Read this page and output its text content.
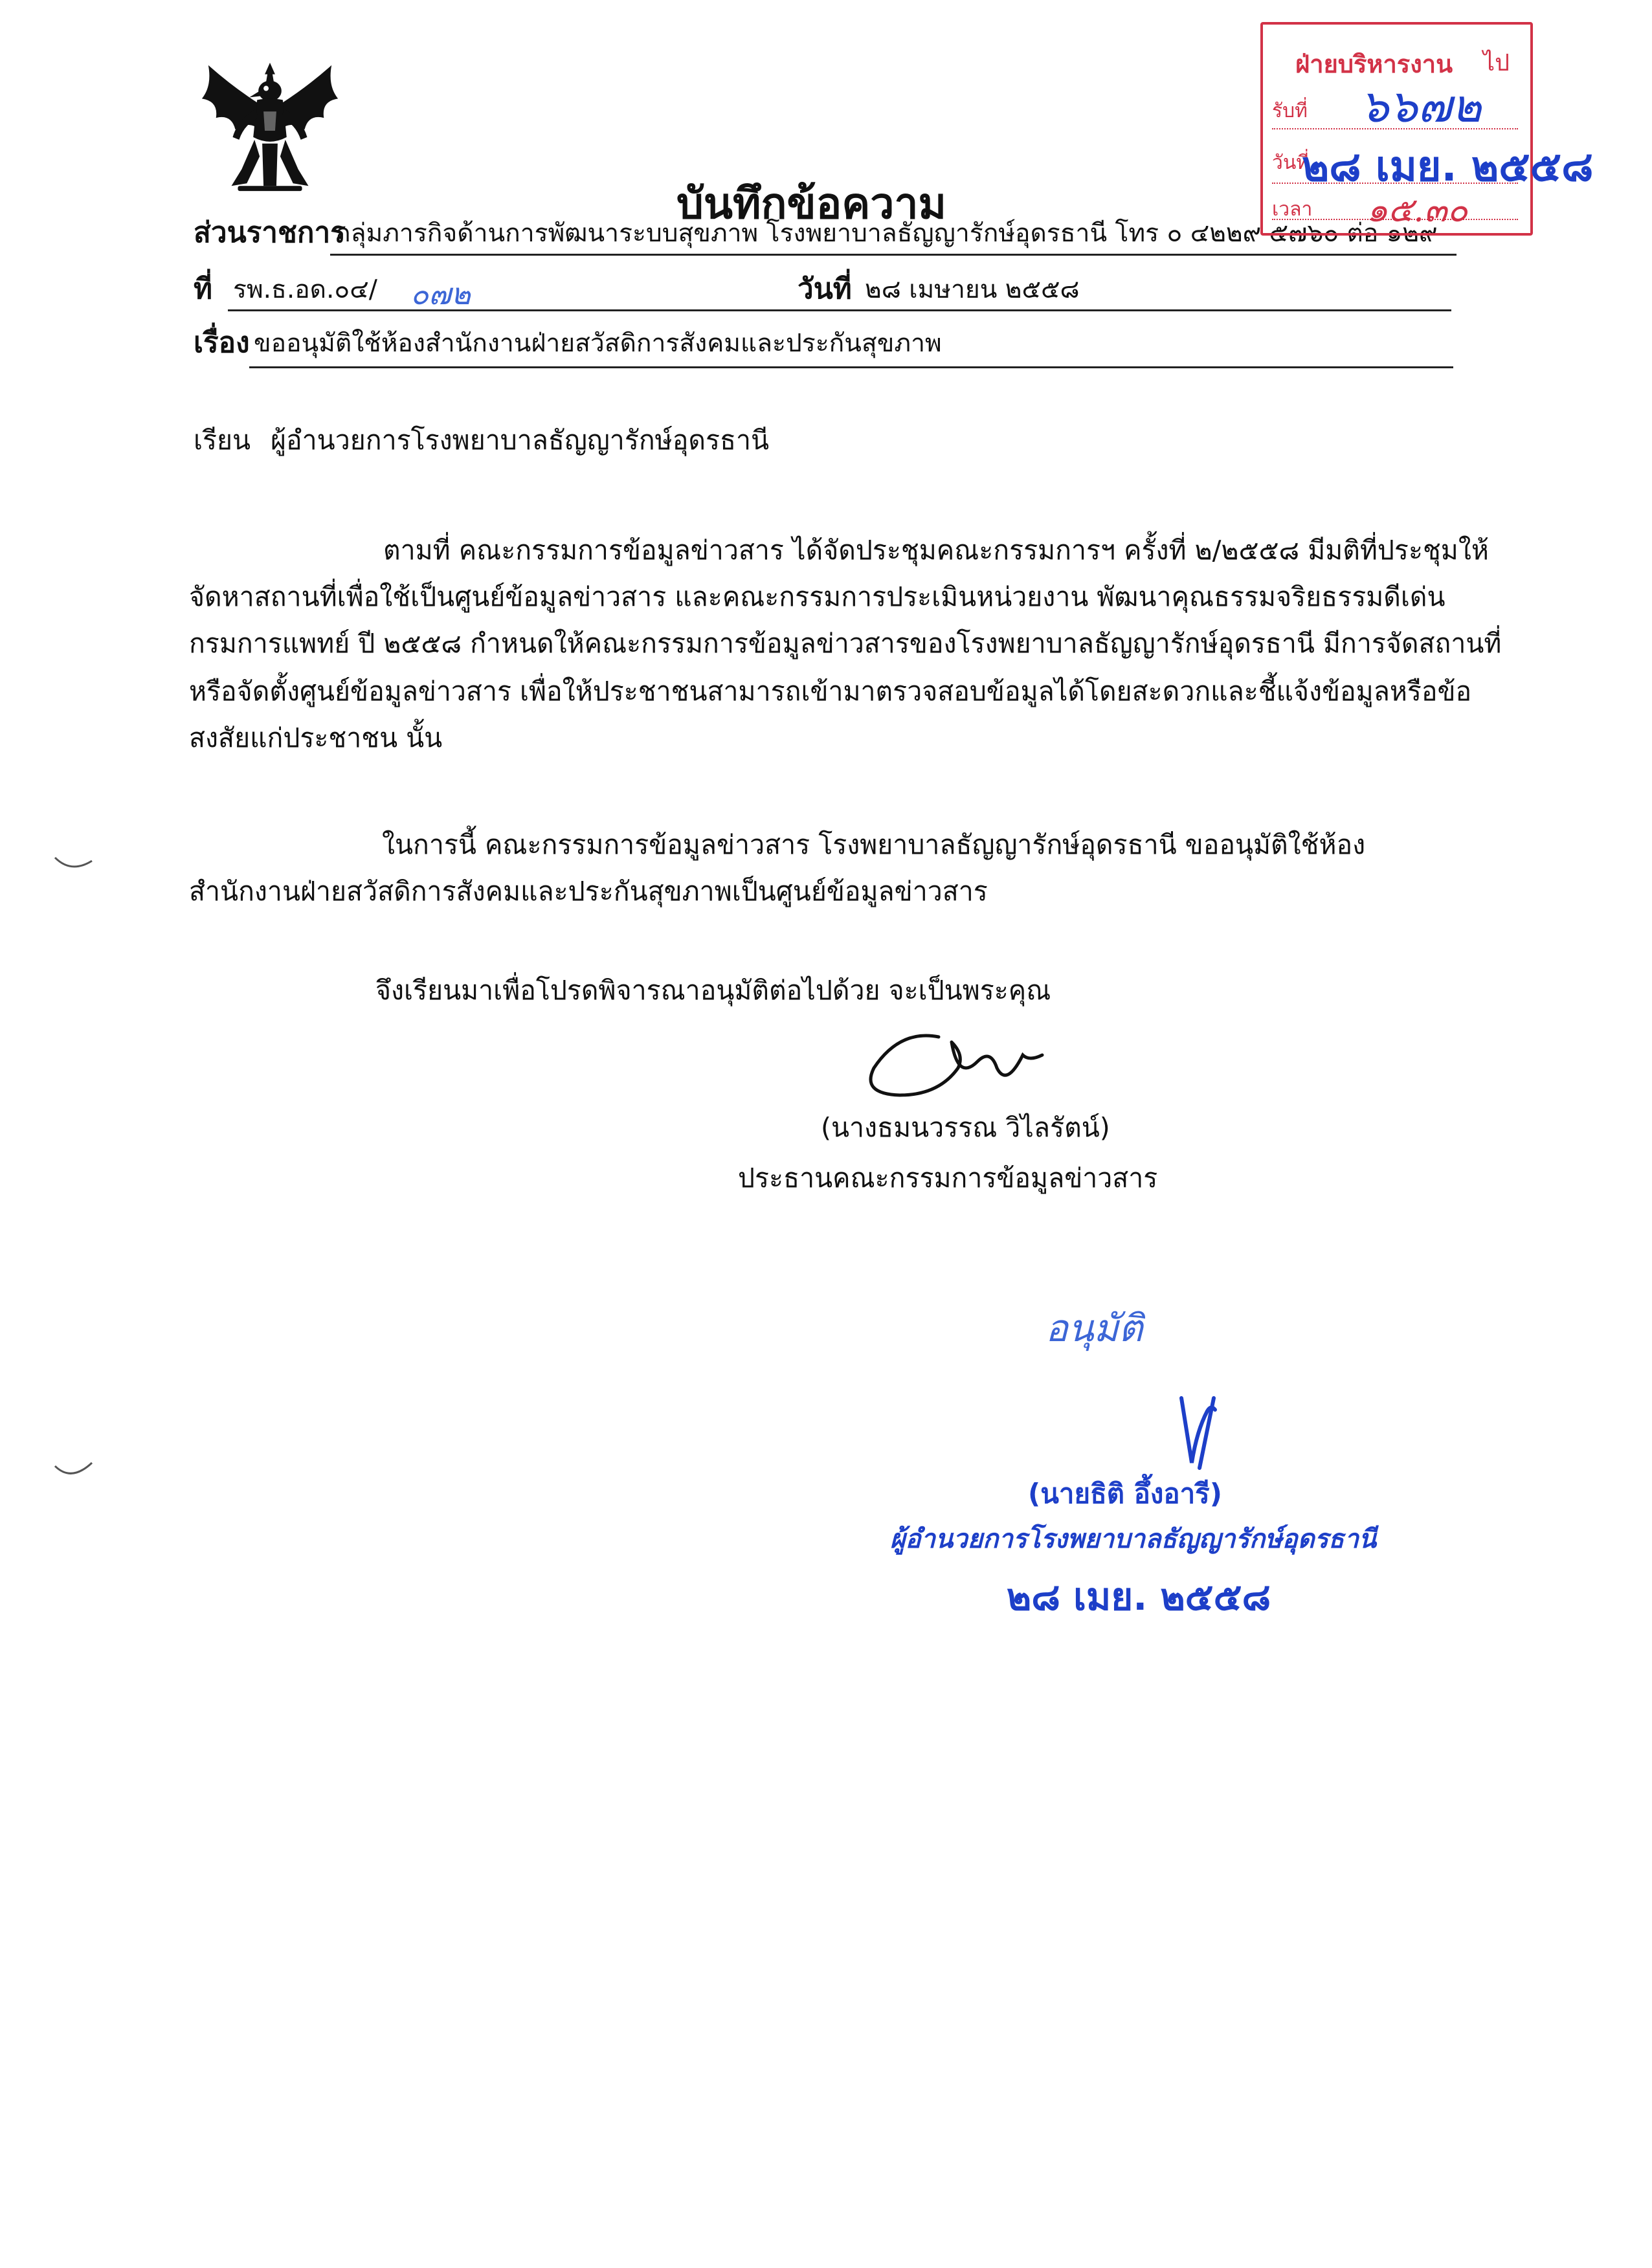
บันทึกข้อความ
ส่วนราชการ
กลุ่มภารกิจด้านการพัฒนาระบบสุขภาพ โรงพยาบาลธัญญารักษ์อุดรธานี โทร ๐ ๔๒๒๙ ๕๗๖๐ ต่อ ๑๒๙
ที่ รพ.ธ.อด.๐๔/ ๐๗๒	วันที่ ๒๘ เมษายน ๒๕๕๘
เรื่อง ขออนุมัติใช้ห้องสำนักงานฝ่ายสวัสดิการสังคมและประกันสุขภาพ
เรียน ผู้อำนวยการโรงพยาบาลธัญญารักษ์อุดรธานี
ตามที่ คณะกรรมการข้อมูลข่าวสาร ได้จัดประชุมคณะกรรมการฯ ครั้งที่ ๒/๒๕๕๘ มีมติที่ประชุมให้
จัดหาสถานที่เพื่อใช้เป็นศูนย์ข้อมูลข่าวสาร และคณะกรรมการประเมินหน่วยงาน พัฒนาคุณธรรมจริยธรรมดีเด่น
กรมการแพทย์ ปี ๒๕๕๘ กำหนดให้คณะกรรมการข้อมูลข่าวสารของโรงพยาบาลธัญญารักษ์อุดรธานี มีการจัดสถานที่
หรือจัดตั้งศูนย์ข้อมูลข่าวสาร เพื่อให้ประชาชนสามารถเข้ามาตรวจสอบข้อมูลได้โดยสะดวกและชี้แจ้งข้อมูลหรือข้อ
สงสัยแก่ประชาชน นั้น
ในการนี้ คณะกรรมการข้อมูลข่าวสาร โรงพยาบาลธัญญารักษ์อุดรธานี ขออนุมัติใช้ห้อง
สำนักงานฝ่ายสวัสดิการสังคมและประกันสุขภาพเป็นศูนย์ข้อมูลข่าวสาร
จึงเรียนมาเพื่อโปรดพิจารณาอนุมัติต่อไปด้วย จะเป็นพระคุณ
(นางธมนวรรณ วิไลรัตน์)
ประธานคณะกรรมการข้อมูลข่าวสาร
อนุมัติ
(นายธิติ อึ้งอารี)
ผู้อำนวยการโรงพยาบาลธัญญารักษ์อุดรธานี
๒๘ เมย. ๒๕๕๘
ฝ่ายบริหารงาน ไป
รับที่ ๖๖๗๒
วันที่
๒๘ เมย. ๒๕๕๘
เวลา ๑๕.๓๐
